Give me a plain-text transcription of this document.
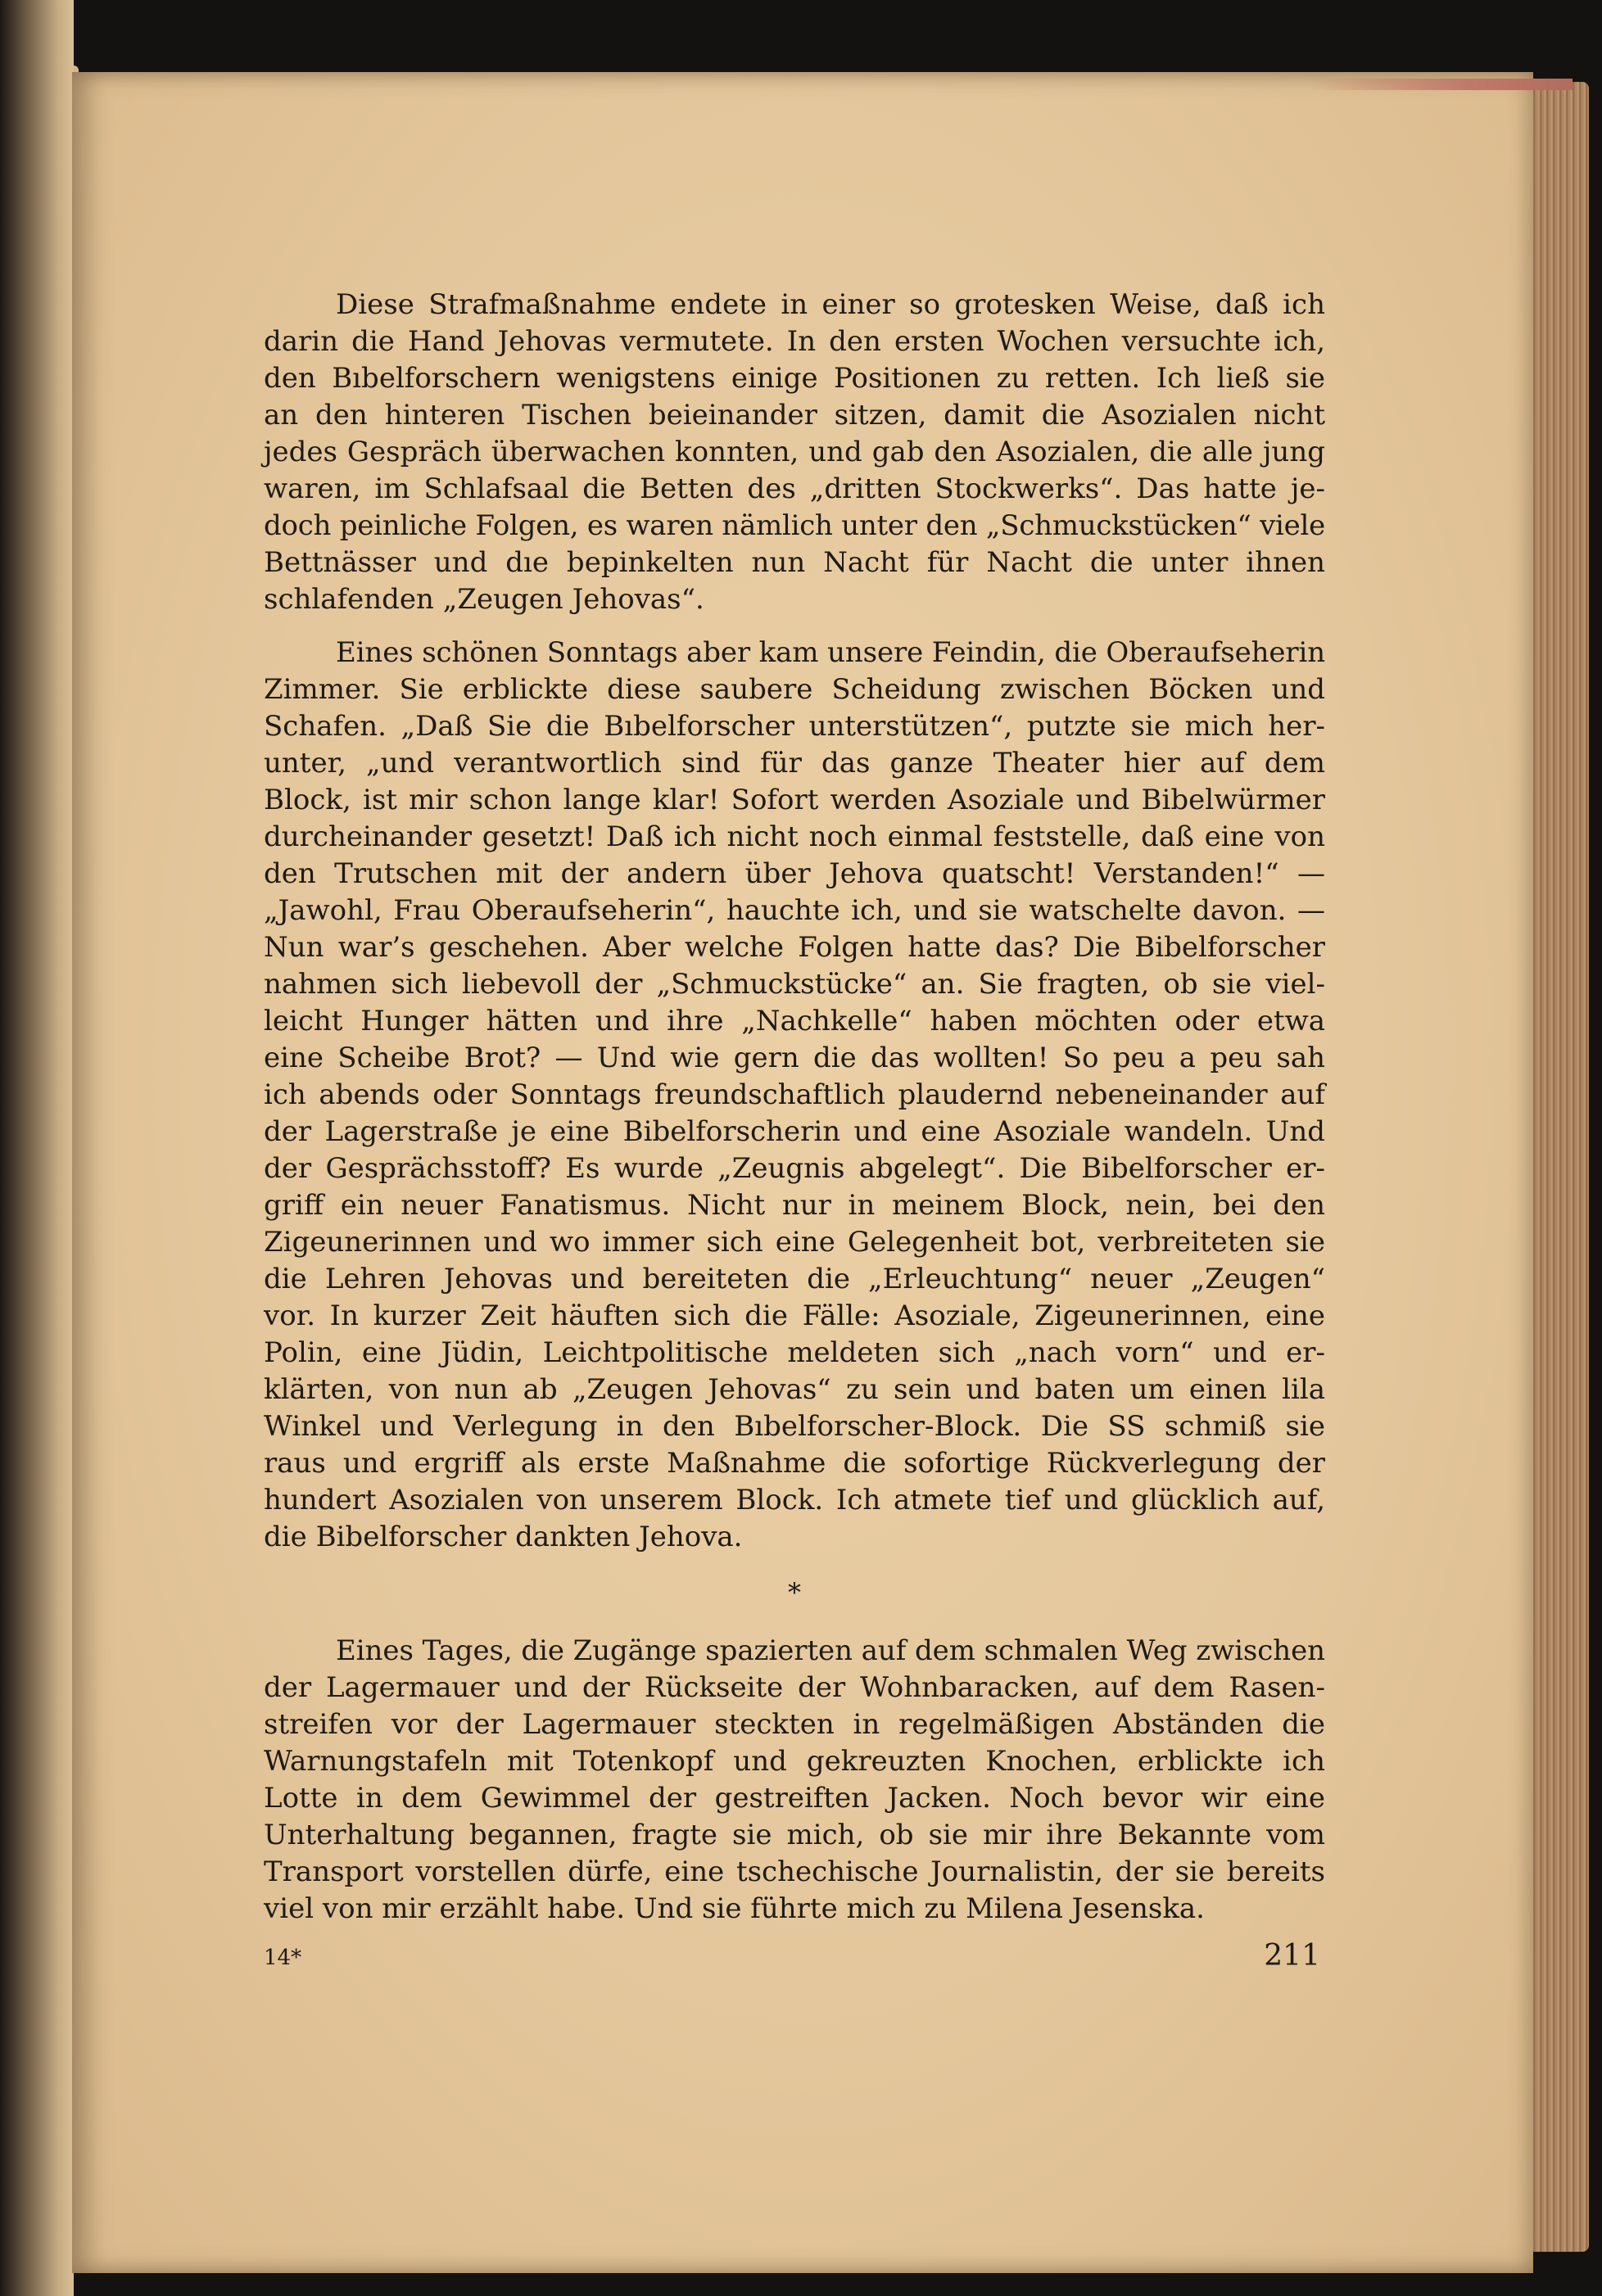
Diese Strafmaßnahme endete in einer so grotesken Weise, daß ich
darin die Hand Jehovas vermutete. In den ersten Wochen versuchte ich,
den Bıbelforschern wenigstens einige Positionen zu retten. Ich ließ sie
an den hinteren Tischen beieinander sitzen, damit die Asozialen nicht
jedes Gespräch überwachen konnten, und gab den Asozialen, die alle jung
waren, im Schlafsaal die Betten des „dritten Stockwerks“. Das hatte je-
doch peinliche Folgen, es waren nämlich unter den „Schmuckstücken“ viele
Bettnässer und dıe bepinkelten nun Nacht für Nacht die unter ihnen
schlafenden „Zeugen Jehovas“.
Eines schönen Sonntags aber kam unsere Feindin, die Oberaufseherin
Zimmer. Sie erblickte diese saubere Scheidung zwischen Böcken und
Schafen. „Daß Sie die Bıbelforscher unterstützen“, putzte sie mich her-
unter, „und verantwortlich sind für das ganze Theater hier auf dem
Block, ist mir schon lange klar! Sofort werden Asoziale und Bibelwürmer
durcheinander gesetzt! Daß ich nicht noch einmal feststelle, daß eine von
den Trutschen mit der andern über Jehova quatscht! Verstanden!“ —
„Jawohl, Frau Oberaufseherin“, hauchte ich, und sie watschelte davon. —
Nun war’s geschehen. Aber welche Folgen hatte das? Die Bibelforscher
nahmen sich liebevoll der „Schmuckstücke“ an. Sie fragten, ob sie viel-
leicht Hunger hätten und ihre „Nachkelle“ haben möchten oder etwa
eine Scheibe Brot? — Und wie gern die das wollten! So peu a peu sah
ich abends oder Sonntags freundschaftlich plaudernd nebeneinander auf
der Lagerstraße je eine Bibelforscherin und eine Asoziale wandeln. Und
der Gesprächsstoff? Es wurde „Zeugnis abgelegt“. Die Bibelforscher er-
griff ein neuer Fanatismus. Nicht nur in meinem Block, nein, bei den
Zigeunerinnen und wo immer sich eine Gelegenheit bot, verbreiteten sie
die Lehren Jehovas und bereiteten die „Erleuchtung“ neuer „Zeugen“
vor. In kurzer Zeit häuften sich die Fälle: Asoziale, Zigeunerinnen, eine
Polin, eine Jüdin, Leichtpolitische meldeten sich „nach vorn“ und er-
klärten, von nun ab „Zeugen Jehovas“ zu sein und baten um einen lila
Winkel und Verlegung in den Bıbelforscher-Block. Die SS schmiß sie
raus und ergriff als erste Maßnahme die sofortige Rückverlegung der
hundert Asozialen von unserem Block. Ich atmete tief und glücklich auf,
die Bibelforscher dankten Jehova.
*
Eines Tages, die Zugänge spazierten auf dem schmalen Weg zwischen
der Lagermauer und der Rückseite der Wohnbaracken, auf dem Rasen-
streifen vor der Lagermauer steckten in regelmäßigen Abständen die
Warnungstafeln mit Totenkopf und gekreuzten Knochen, erblickte ich
Lotte in dem Gewimmel der gestreiften Jacken. Noch bevor wir eine
Unterhaltung begannen, fragte sie mich, ob sie mir ihre Bekannte vom
Transport vorstellen dürfe, eine tschechische Journalistin, der sie bereits
viel von mir erzählt habe. Und sie führte mich zu Milena Jesenska.
14*	211
